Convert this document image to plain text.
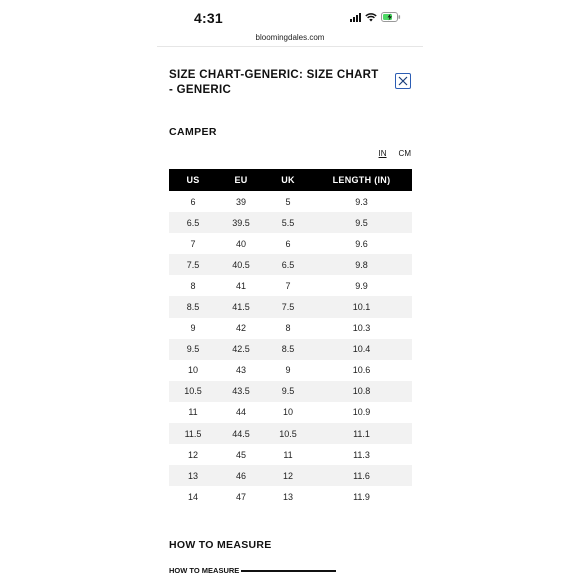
4:31
bloomingdales.com
SIZE CHART-GENERIC: SIZE CHART - GENERIC
CAMPER
IN CM
US	EU	UK	LENGTH (IN)
6	39	5	9.3
6.5	39.5	5.5	9.5
7	40	6	9.6
7.5	40.5	6.5	9.8
8	41	7	9.9
8.5	41.5	7.5	10.1
9	42	8	10.3
9.5	42.5	8.5	10.4
10	43	9	10.6
10.5	43.5	9.5	10.8
11	44	10	10.9
11.5	44.5	10.5	11.1
12	45	11	11.3
13	46	12	11.6
14	47	13	11.9
HOW TO MEASURE
HOW TO MEASURE
